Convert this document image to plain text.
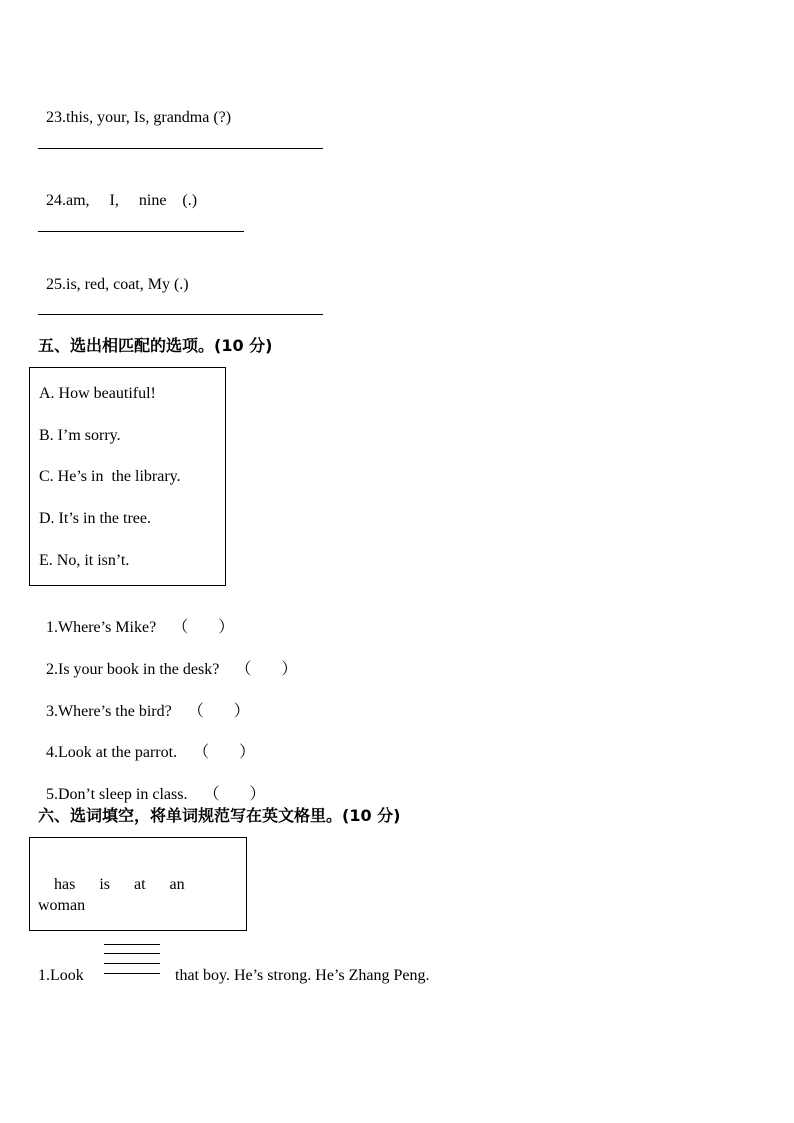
23.this, your, Is, grandma (?)

24.am,     I,     nine    (.)

25.is, red, coat, My (.)

五、选出相匹配的选项。(10 分)
A. How beautiful!
B. I’m sorry.
C. He’s in  the library.
D. It’s in the tree.
E. No, it isn’t.

1.Where’s Mike? （ ）

2.Is your book in the desk? （ ）

3.Where’s the bird? （ ）

4.Look at the parrot. （ ）

5.Don’t sleep in class. （ ）

六、选词填空，将单词规范写在英文格里。(10 分)

has is at an

woman
1.Look	that boy. He’s strong. He’s Zhang Peng.
